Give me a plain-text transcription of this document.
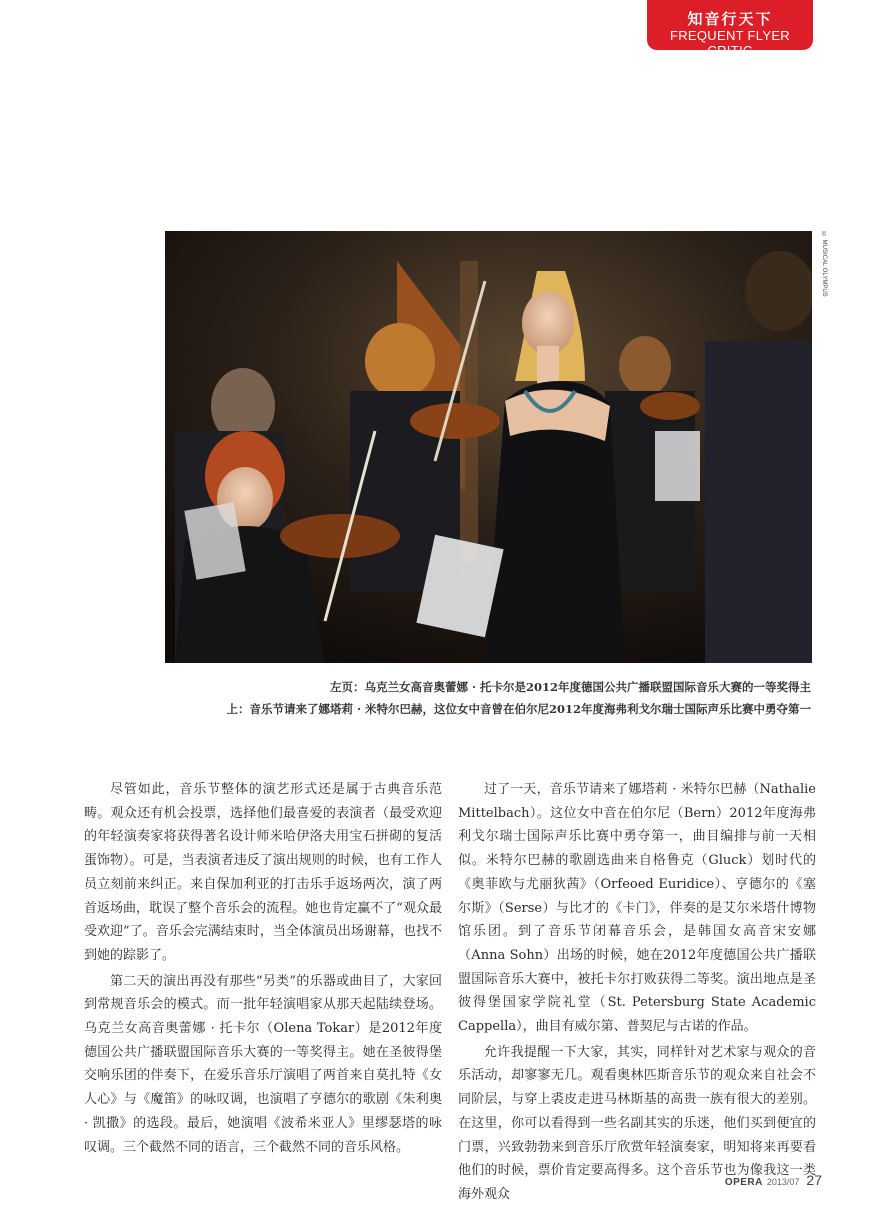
知音行天下
FREQUENT FLYER CRITIC
© MUSICAL OLYMPUS
左页：乌克兰女高音奥蕾娜 · 托卡尔是2012年度德国公共广播联盟国际音乐大赛的一等奖得主
上：音乐节请来了娜塔莉 · 米特尔巴赫，这位女中音曾在伯尔尼2012年度海弗利戈尔瑞士国际声乐比赛中勇夺第一

尽管如此，音乐节整体的演艺形式还是属于古典音乐范畴。观众还有机会投票，选择他们最喜爱的表演者（最受欢迎的年轻演奏家将获得著名设计师米哈伊洛夫用宝石拼砌的复活蛋饰物）。可是，当表演者违反了演出规则的时候，也有工作人员立刻前来纠正。来自保加利亚的打击乐手返场两次，演了两首返场曲，耽误了整个音乐会的流程。她也肯定赢不了“观众最受欢迎”了。音乐会完满结束时，当全体演员出场谢幕，也找不到她的踪影了。

第二天的演出再没有那些“另类”的乐器或曲目了，大家回到常规音乐会的模式。而一批年轻演唱家从那天起陆续登场。乌克兰女高音奥蕾娜 · 托卡尔（Olena Tokar）是2012年度德国公共广播联盟国际音乐大赛的一等奖得主。她在圣彼得堡交响乐团的伴奏下，在爱乐音乐厅演唱了两首来自莫扎特《女人心》与《魔笛》的咏叹调，也演唱了亨德尔的歌剧《朱利奥 · 凯撒》的选段。最后，她演唱《波希米亚人》里缪瑟塔的咏叹调。三个截然不同的语言，三个截然不同的音乐风格。

过了一天，音乐节请来了娜塔莉 · 米特尔巴赫（Nathalie Mittelbach）。这位女中音在伯尔尼（Bern）2012年度海弗利戈尔瑞士国际声乐比赛中勇夺第一，曲目编排与前一天相似。米特尔巴赫的歌剧选曲来自格鲁克（Gluck）划时代的《奥菲欧与尤丽狄茜》（Orfeoed Euridice）、亨德尔的《塞尔斯》（Serse）与比才的《卡门》，伴奏的是艾尔米塔什博物馆乐团。到了音乐节闭幕音乐会，是韩国女高音宋安娜（Anna Sohn）出场的时候，她在2012年度德国公共广播联盟国际音乐大赛中，被托卡尔打败获得二等奖。演出地点是圣彼得堡国家学院礼堂（St. Petersburg State Academic Cappella），曲目有威尔第、普契尼与古诺的作品。

允许我提醒一下大家，其实，同样针对艺术家与观众的音乐活动，却寥寥无几。观看奥林匹斯音乐节的观众来自社会不同阶层，与穿上裘皮走进马林斯基的高贵一族有很大的差别。在这里，你可以看得到一些名副其实的乐迷，他们买到便宜的门票，兴致勃勃来到音乐厅欣赏年轻演奏家，明知将来再要看他们的时候，票价肯定要高得多。这个音乐节也为像我这一类海外观众

OPERA 2013/07 27
